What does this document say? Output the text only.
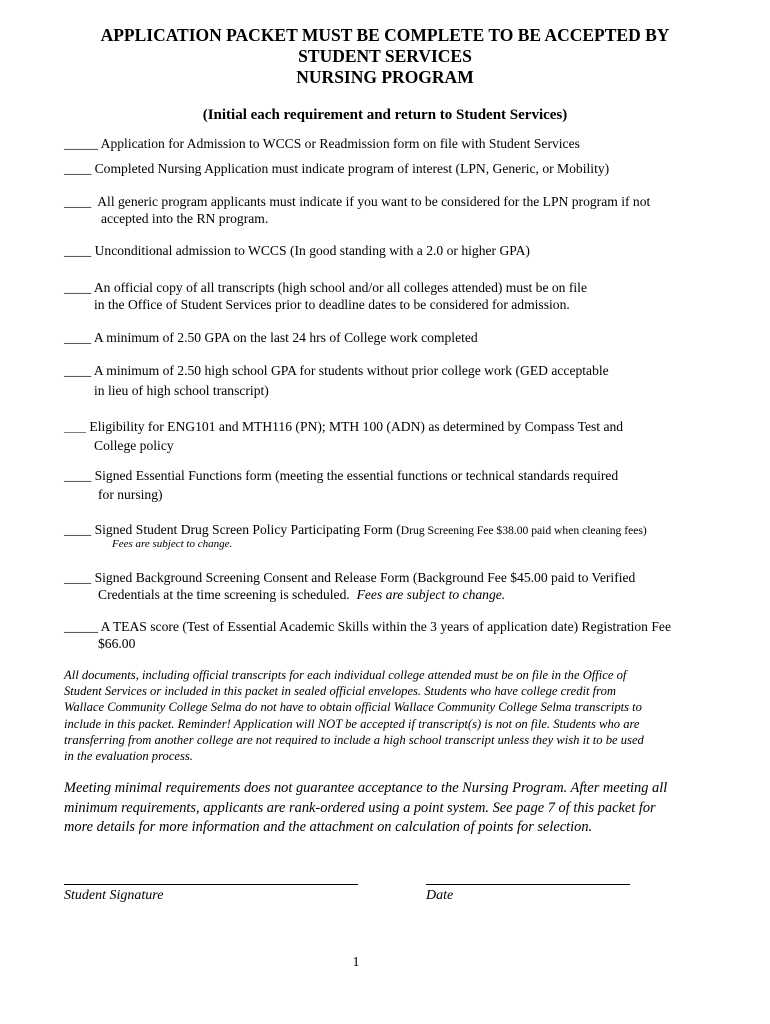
APPLICATION PACKET MUST BE COMPLETE TO BE ACCEPTED BY
STUDENT SERVICES
NURSING PROGRAM
(Initial each requirement and return to Student Services)
_____ Application for Admission to WCCS or Readmission form on file with Student Services
____ Completed Nursing Application must indicate program of interest (LPN, Generic, or Mobility)
____ All generic program applicants must indicate if you want to be considered for the LPN program if not
accepted into the RN program.
____ Unconditional admission to WCCS (In good standing with a 2.0 or higher GPA)
____ An official copy of all transcripts (high school and/or all colleges attended) must be on file
in the Office of Student Services prior to deadline dates to be considered for admission.
____ A minimum of 2.50 GPA on the last 24 hrs of College work completed
____ A minimum of 2.50 high school GPA for students without prior college work (GED acceptable
in lieu of high school transcript)
____ Eligibility for ENG101 and MTH116 (PN); MTH 100 (ADN) as determined by Compass Test and
College policy
____ Signed Essential Functions form (meeting the essential functions or technical standards required
for nursing)
____ Signed Student Drug Screen Policy Participating Form (Drug Screening Fee $38.00 paid when cleaning fees)
Fees are subject to change.
____ Signed Background Screening Consent and Release Form (Background Fee $45.00 paid to Verified
Credentials at the time screening is scheduled. Fees are subject to change.
_____ A TEAS score (Test of Essential Academic Skills within the 3 years of application date) Registration Fee
$66.00
All documents, including official transcripts for each individual college attended must be on file in the Office of
Student Services or included in this packet in sealed official envelopes. Students who have college credit from
Wallace Community College Selma do not have to obtain official Wallace Community College Selma transcripts to
include in this packet. Reminder! Application will NOT be accepted if transcript(s) is not on file. Students who are
transferring from another college are not required to include a high school transcript unless they wish it to be used
in the evaluation process.
Meeting minimal requirements does not guarantee acceptance to the Nursing Program. After meeting all
minimum requirements, applicants are rank-ordered using a point system. See page 7 of this packet for
more details for more information and the attachment on calculation of points for selection.
Student Signature	Date
1
